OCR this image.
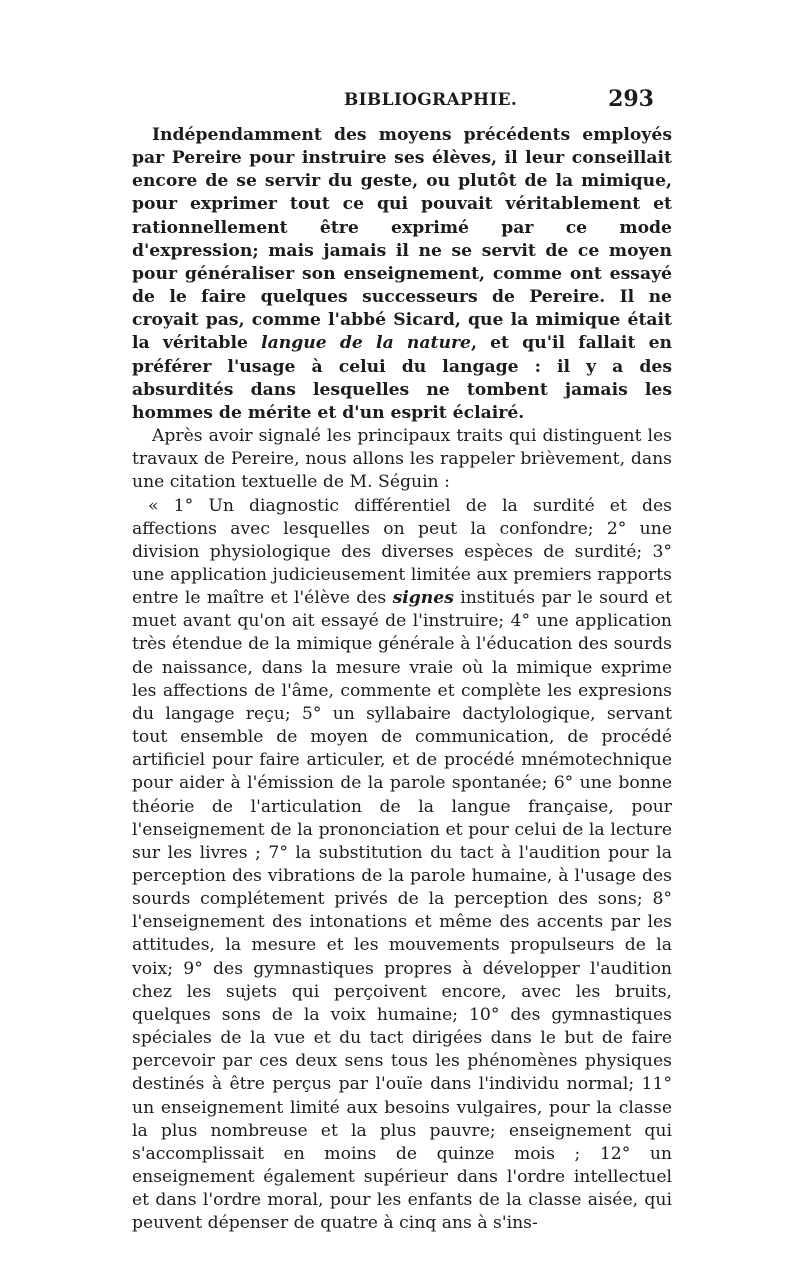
BIBLIOGRAPHIE.	293

Indépendamment des moyens précédents employés par Pereire pour instruire ses élèves, il leur conseillait encore de se servir du geste, ou plutôt de la mimique, pour exprimer tout ce qui pouvait véritablement et rationnellement être exprimé par ce mode d'expression; mais jamais il ne se servit de ce moyen pour généraliser son enseignement, comme ont essayé de le faire quelques successeurs de Pereire. Il ne croyait pas, comme l'abbé Sicard, que la mimique était la véritable langue de la nature, et qu'il fallait en préférer l'usage à celui du langage : il y a des absurdités dans lesquelles ne tombent jamais les hommes de mérite et d'un esprit éclairé.

Après avoir signalé les principaux traits qui distinguent les travaux de Pereire, nous allons les rappeler brièvement, dans une citation textuelle de M. Séguin :

« 1° Un diagnostic différentiel de la surdité et des affections avec lesquelles on peut la confondre; 2° une division physiologique des diverses espèces de surdité; 3° une application judicieusement limitée aux premiers rapports entre le maître et l'élève des signes institués par le sourd et muet avant qu'on ait essayé de l'instruire; 4° une application très étendue de la mimique générale à l'éducation des sourds de naissance, dans la mesure vraie où la mimique exprime les affections de l'âme, commente et complète les expresions du langage reçu; 5° un syllabaire dactylologique, servant tout ensemble de moyen de communication, de procédé artificiel pour faire articuler, et de procédé mnémotechnique pour aider à l'émission de la parole spontanée; 6° une bonne théorie de l'articulation de la langue française, pour l'enseignement de la prononciation et pour celui de la lecture sur les livres ; 7° la substitution du tact à l'audition pour la perception des vibrations de la parole humaine, à l'usage des sourds complétement privés de la perception des sons; 8° l'enseignement des intonations et même des accents par les attitudes, la mesure et les mouvements propulseurs de la voix; 9° des gymnastiques propres à développer l'audition chez les sujets qui perçoivent encore, avec les bruits, quelques sons de la voix humaine; 10° des gymnastiques spéciales de la vue et du tact dirigées dans le but de faire percevoir par ces deux sens tous les phénomènes physiques destinés à être perçus par l'ouïe dans l'individu normal; 11° un enseignement limité aux besoins vulgaires, pour la classe la plus nombreuse et la plus pauvre; enseignement qui s'accomplissait en moins de quinze mois ; 12° un enseignement également supérieur dans l'ordre intellectuel et dans l'ordre moral, pour les enfants de la classe aisée, qui peuvent dépenser de quatre à cinq ans à s'ins-
